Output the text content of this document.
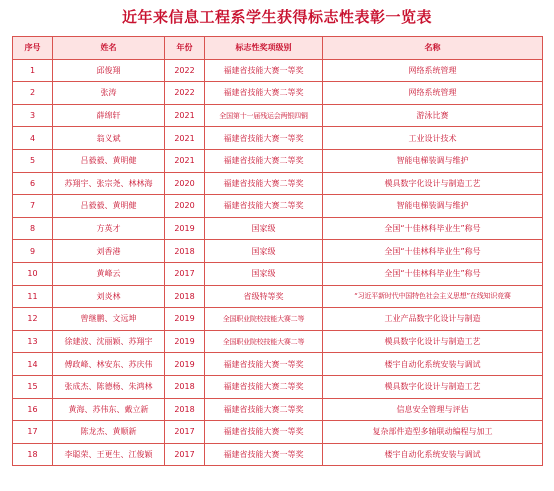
近年来信息工程系学生获得标志性表彰一览表
序号	姓名	年份	标志性奖项级别	名称
1	邱俊翔	2022	福建省技能大赛一等奖	网络系统管理
2	张涛	2022	福建省技能大赛二等奖	网络系统管理
3	薛绵轩	2021	全国第十一届残运会两银四铜	游泳比赛
4	翁义斌	2021	福建省技能大赛一等奖	工业设计技术
5	吕毅毅、黄明健	2021	福建省技能大赛二等奖	智能电梯装调与维护
6	苏翔宇、张宗尧、林林海	2020	福建省技能大赛二等奖	模具数字化设计与制造工艺
7	吕毅毅、黄明健	2020	福建省技能大赛二等奖	智能电梯装调与维护
8	方英才	2019	国家级	全国“十佳林科毕业生”称号
9	刘香港	2018	国家级	全国“十佳林科毕业生”称号
10	黄峰云	2017	国家级	全国“十佳林科毕业生”称号
11	刘炎林	2018	省级特等奖	“习近平新时代中国特色社会主义思想”在线知识竞赛
12	曾继鹏、文远坤	2019	全国职业院校技能大赛二等	工业产品数字化设计与制造
13	徐建波、沈丽颖、苏翔宇	2019	全国职业院校技能大赛二等	模具数字化设计与制造工艺
14	傅政峰、林安东、苏庆伟	2019	福建省技能大赛一等奖	楼宇自动化系统安装与调试
15	张成杰、陈德杨、朱鸿林	2018	福建省技能大赛二等奖	模具数字化设计与制造工艺
16	黄海、苏伟东、戴立新	2018	福建省技能大赛二等奖	信息安全管理与评估
17	陈龙杰、黄顺新	2017	福建省技能大赛一等奖	复杂部件造型多轴联动编程与加工
18	李聪荣、王更生、江俊颖	2017	福建省技能大赛一等奖	楼宇自动化系统安装与调试
